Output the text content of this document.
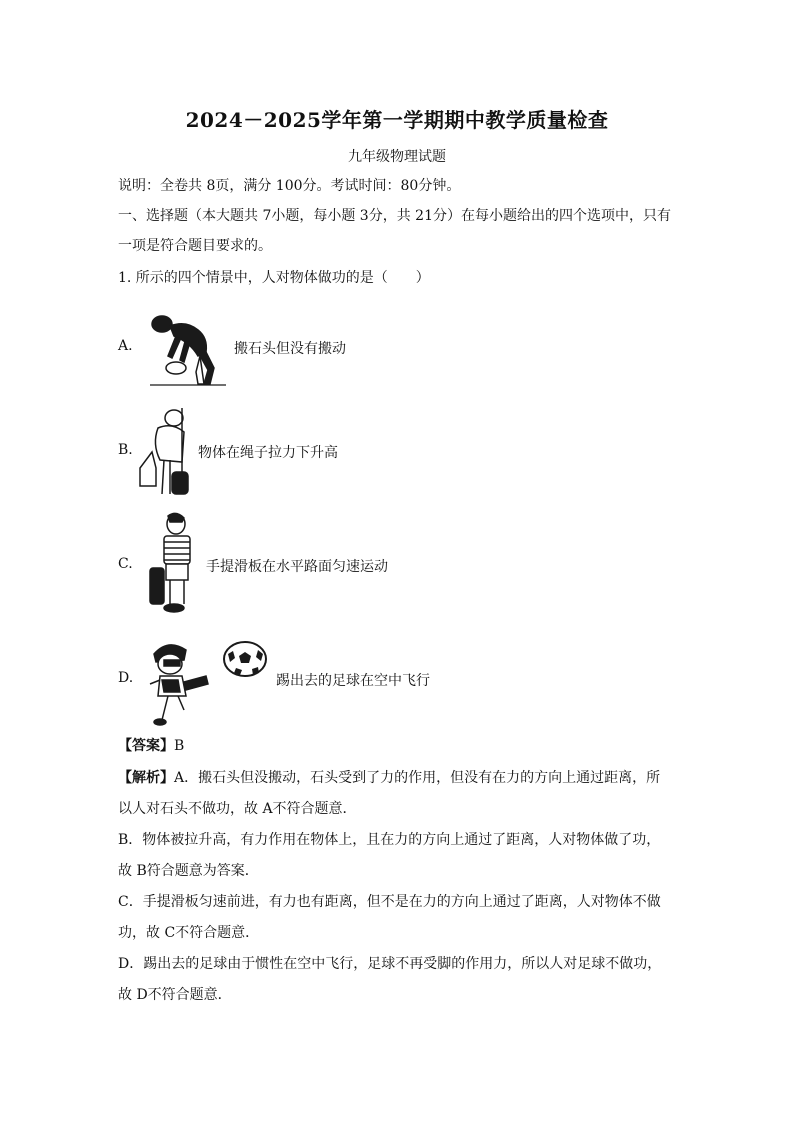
2024－2025学年第一学期期中教学质量检查
九年级物理试题
说明：全卷共 8页，满分 100分。考试时间：80分钟。
一、选择题（本大题共 7小题，每小题 3分，共 21分）在每小题给出的四个选项中，只有
一项是符合题目要求的。
1. 所示的四个情景中，人对物体做功的是（　　）
A.	搬石头但没有搬动
B.	物体在绳子拉力下升高
C.	手提滑板在水平路面匀速运动
D.	踢出去的足球在空中飞行
【答案】B
【解析】A．搬石头但没搬动，石头受到了力的作用，但没有在力的方向上通过距离，所
以人对石头不做功，故 A不符合题意．
B．物体被拉升高，有力作用在物体上，且在力的方向上通过了距离，人对物体做了功，
故 B符合题意为答案．
C．手提滑板匀速前进，有力也有距离，但不是在力的方向上通过了距离，人对物体不做
功，故 C不符合题意．
D．踢出去的足球由于惯性在空中飞行，足球不再受脚的作用力，所以人对足球不做功，
故 D不符合题意．
